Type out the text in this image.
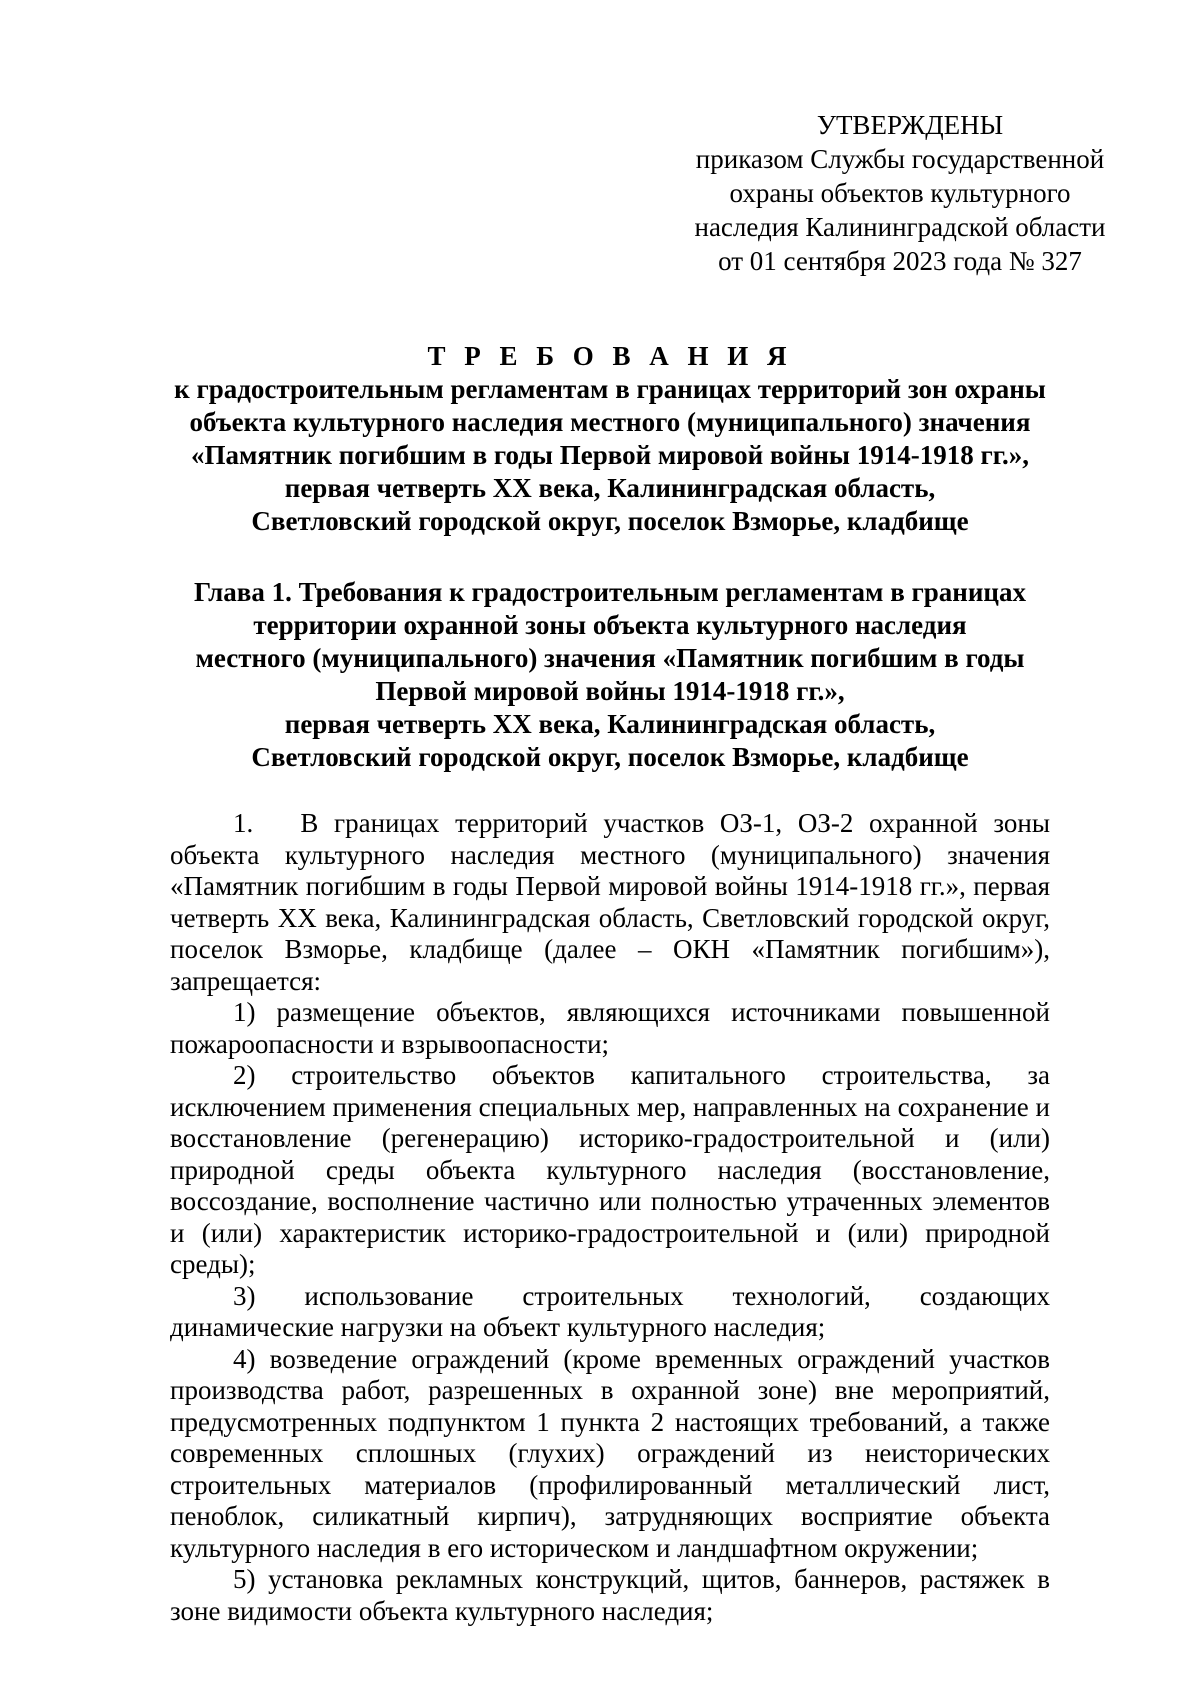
УТВЕРЖДЕНЫ
приказом Службы государственной
охраны объектов культурного
наследия Калининградской области
от 01 сентября 2023 года № 327
Т Р Е Б О В А Н И Я
к градостроительным регламентам в границах территорий зон охраны
объекта культурного наследия местного (муниципального) значения
«Памятник погибшим в годы Первой мировой войны 1914-1918 гг.»,
первая четверть XX века, Калининградская область,
Светловский городской округ, поселок Взморье, кладбище
Глава 1. Требования к градостроительным регламентам в границах
территории охранной зоны объекта культурного наследия
местного (муниципального) значения «Памятник погибшим в годы
Первой мировой войны 1914-1918 гг.»,
первая четверть XX века, Калининградская область,
Светловский городской округ, поселок Взморье, кладбище

1.   В границах территорий участков ОЗ-1, ОЗ-2 охранной зоны объекта культурного наследия местного (муниципального) значения «Памятник погибшим в годы Первой мировой войны 1914-1918 гг.», первая четверть XX века, Калининградская область, Светловский городской округ, поселок Взморье, кладбище (далее – ОКН «Памятник погибшим»), запрещается:

1) размещение объектов, являющихся источниками повышенной пожароопасности и взрывоопасности;

2) строительство объектов капитального строительства, за исключением применения специальных мер, направленных на сохранение и восстановление (регенерацию) историко-градостроительной и (или) природной среды объекта культурного наследия (восстановление, воссоздание, восполнение частично или полностью утраченных элементов и (или) характеристик историко-градостроительной и (или) природной среды);

3) использование строительных технологий, создающих динамические нагрузки на объект культурного наследия;

4) возведение ограждений (кроме временных ограждений участков производства работ, разрешенных в охранной зоне) вне мероприятий, предусмотренных подпунктом 1 пункта 2 настоящих требований, а также современных сплошных (глухих) ограждений из неисторических строительных материалов (профилированный металлический лист, пеноблок, силикатный кирпич), затрудняющих восприятие объекта культурного наследия в его историческом и ландшафтном окружении;

5) установка рекламных конструкций, щитов, баннеров, растяжек в зоне видимости объекта культурного наследия;
